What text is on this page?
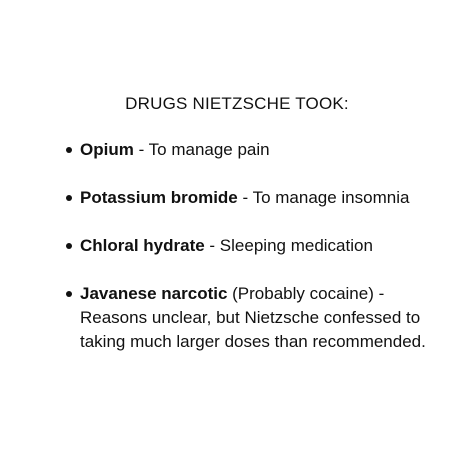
DRUGS NIETZSCHE TOOK:
Opium - To manage pain
Potassium bromide - To manage insomnia
Chloral hydrate - Sleeping medication
Javanese narcotic (Probably cocaine) - Reasons unclear, but Nietzsche confessed to taking much larger doses than recommended.
